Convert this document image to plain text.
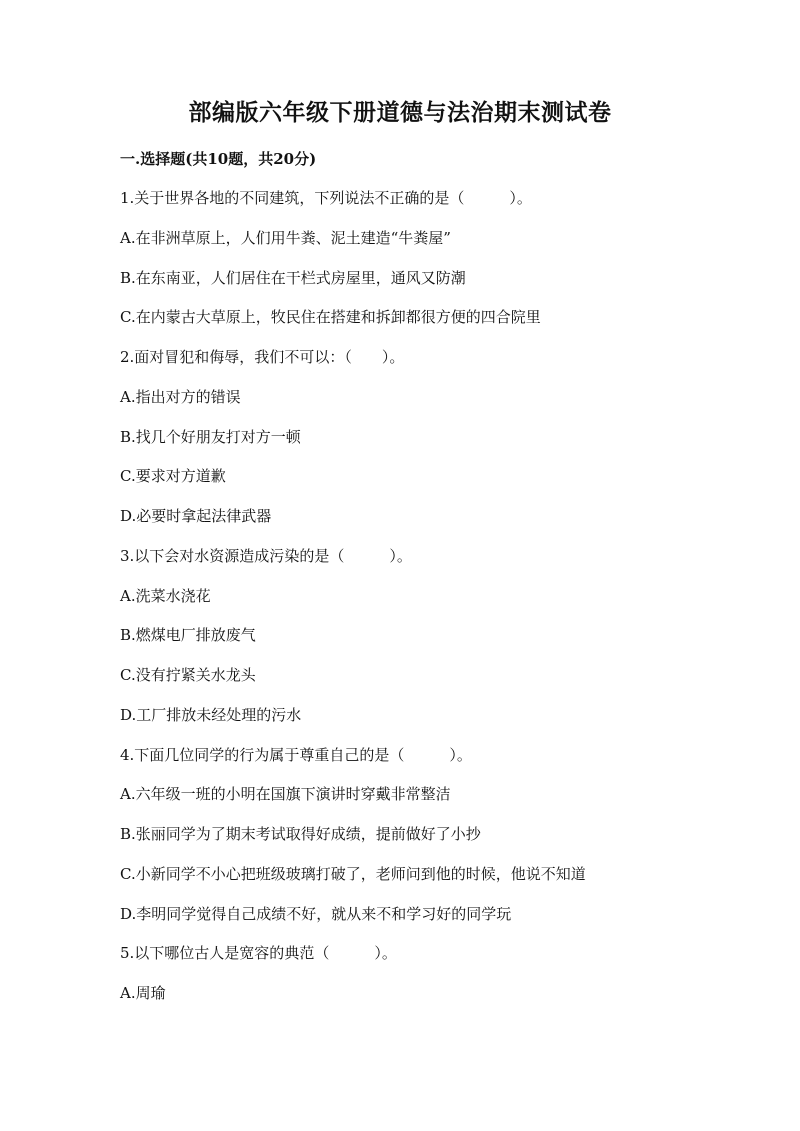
部编版六年级下册道德与法治期末测试卷
一.选择题(共10题，共20分)
1.关于世界各地的不同建筑，下列说法不正确的是（　　　）。
A.在非洲草原上，人们用牛粪、泥土建造“牛粪屋”
B.在东南亚，人们居住在干栏式房屋里，通风又防潮
C.在内蒙古大草原上，牧民住在搭建和拆卸都很方便的四合院里
2.面对冒犯和侮辱，我们不可以：（　　）。
A.指出对方的错误
B.找几个好朋友打对方一顿
C.要求对方道歉
D.必要时拿起法律武器
3.以下会对水资源造成污染的是（　　　）。
A.洗菜水浇花
B.燃煤电厂排放废气
C.没有拧紧关水龙头
D.工厂排放未经处理的污水
4.下面几位同学的行为属于尊重自己的是（　　　）。
A.六年级一班的小明在国旗下演讲时穿戴非常整洁
B.张丽同学为了期末考试取得好成绩，提前做好了小抄
C.小新同学不小心把班级玻璃打破了，老师问到他的时候，他说不知道
D.李明同学觉得自己成绩不好，就从来不和学习好的同学玩
5.以下哪位古人是宽容的典范（　　　）。
A.周瑜
